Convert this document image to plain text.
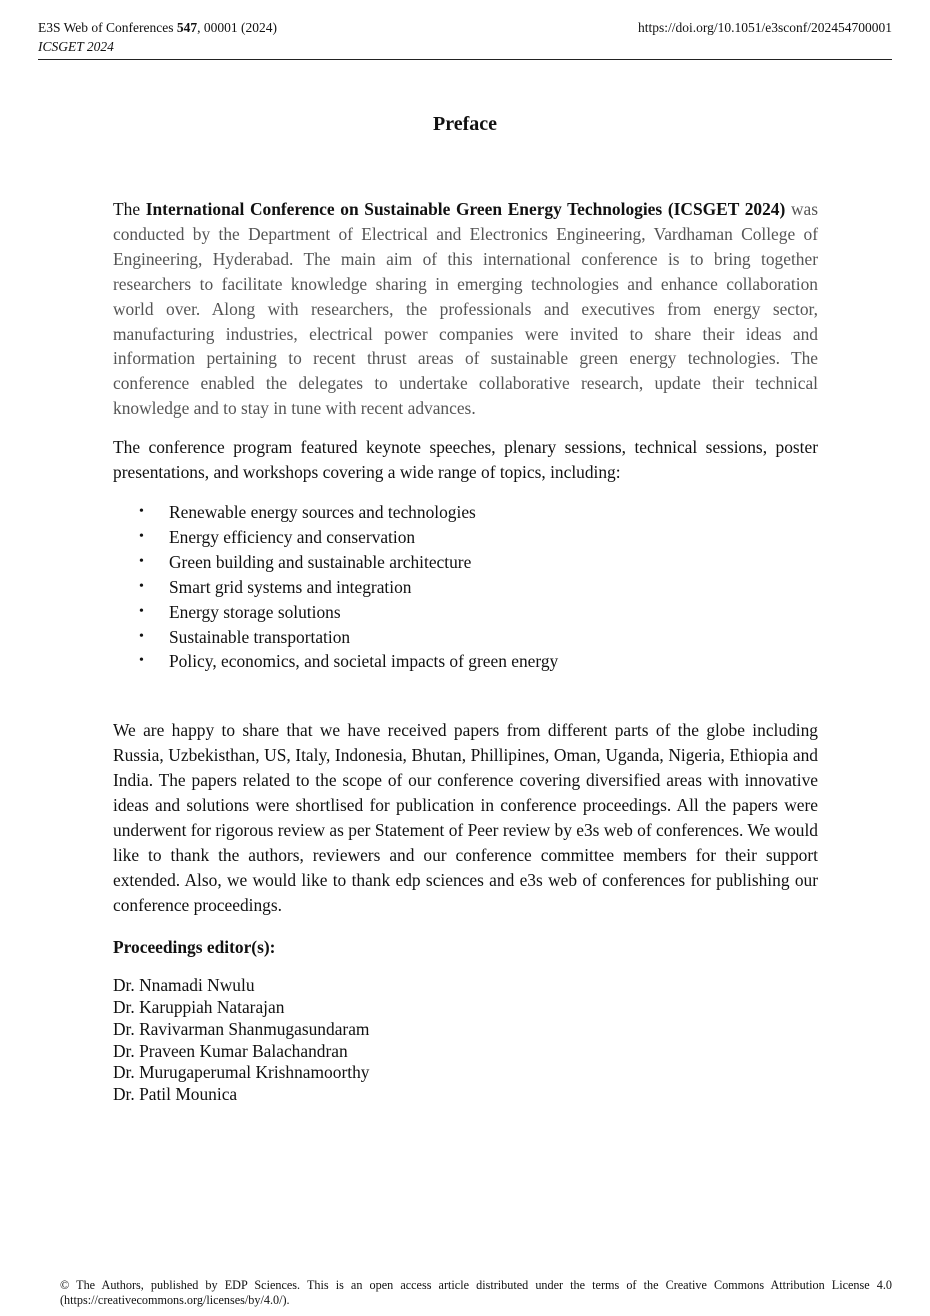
E3S Web of Conferences 547, 00001 (2024)
ICSGET 2024
https://doi.org/10.1051/e3sconf/202454700001
Preface

The International Conference on Sustainable Green Energy Technologies (ICSGET 2024) was conducted by the Department of Electrical and Electronics Engineering, Vardhaman College of Engineering, Hyderabad. The main aim of this international conference is to bring together researchers to facilitate knowledge sharing in emerging technologies and enhance collaboration world over. Along with researchers, the professionals and executives from energy sector, manufacturing industries, electrical power companies were invited to share their ideas and information pertaining to recent thrust areas of sustainable green energy technologies. The conference enabled the delegates to undertake collaborative research, update their technical knowledge and to stay in tune with recent advances.

The conference program featured keynote speeches, plenary sessions, technical sessions, poster presentations, and workshops covering a wide range of topics, including:

• Renewable energy sources and technologies
• Energy efficiency and conservation
• Green building and sustainable architecture
• Smart grid systems and integration
• Energy storage solutions
• Sustainable transportation
• Policy, economics, and societal impacts of green energy

We are happy to share that we have received papers from different parts of the globe including Russia, Uzbekisthan, US, Italy, Indonesia, Bhutan, Phillipines, Oman, Uganda, Nigeria, Ethiopia and India. The papers related to the scope of our conference covering diversified areas with innovative ideas and solutions were shortlised for publication in conference proceedings. All the papers were underwent for rigorous review as per Statement of Peer review by e3s web of conferences. We would like to thank the authors, reviewers and our conference committee members for their support extended. Also, we would like to thank edp sciences and e3s web of conferences for publishing our conference proceedings.

Proceedings editor(s):
Dr. Nnamadi Nwulu
Dr. Karuppiah Natarajan
Dr. Ravivarman Shanmugasundaram
Dr. Praveen Kumar Balachandran
Dr. Murugaperumal Krishnamoorthy
Dr. Patil Mounica
© The Authors, published by EDP Sciences. This is an open access article distributed under the terms of the Creative Commons Attribution License 4.0 (https://creativecommons.org/licenses/by/4.0/).
